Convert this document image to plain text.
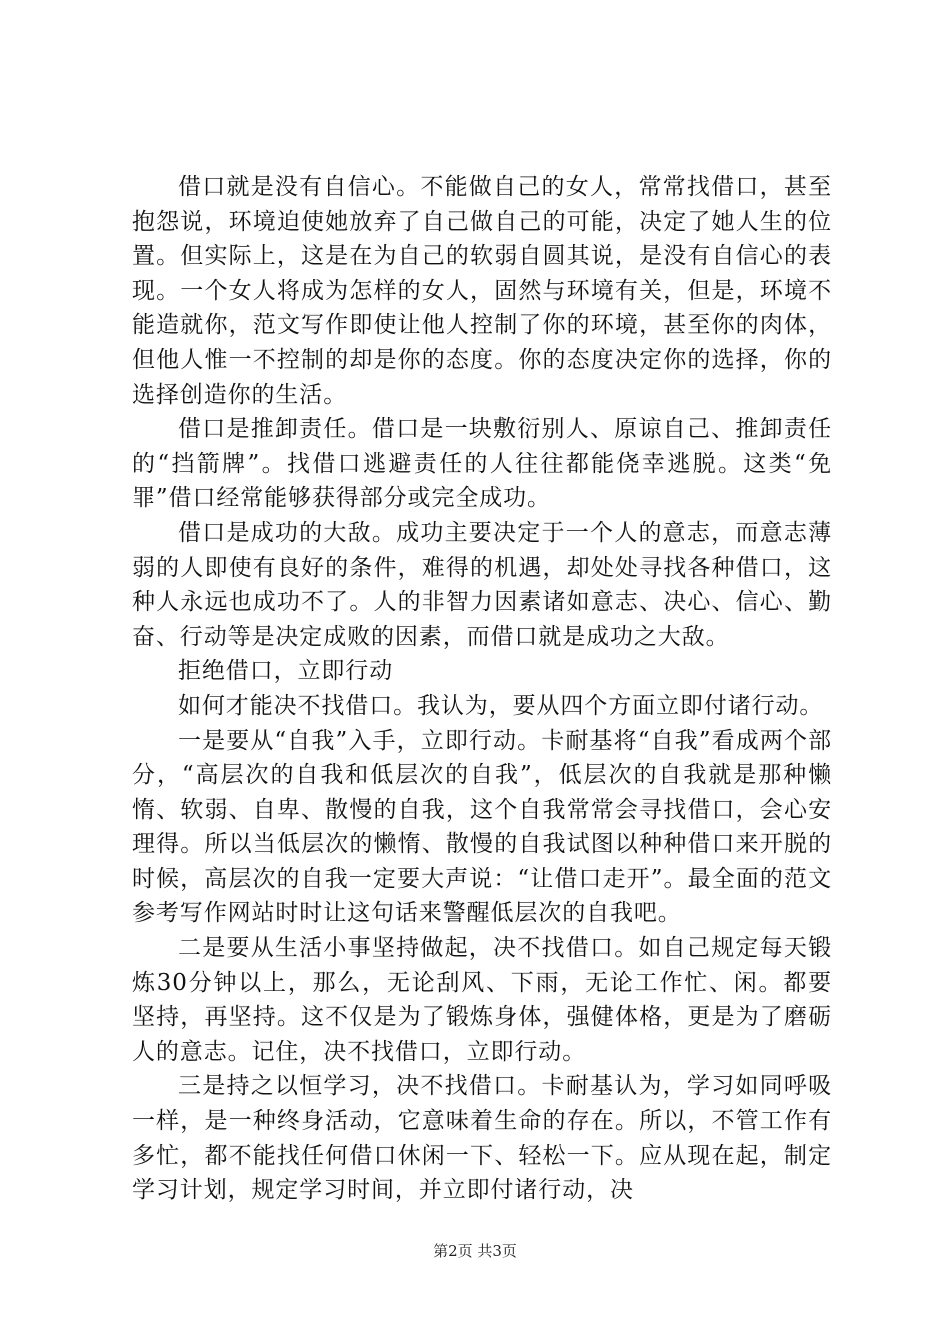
借口就是没有自信心。不能做自己的女人，常常找借口，甚至抱怨说，环境迫使她放弃了自己做自己的可能，决定了她人生的位置。但实际上，这是在为自己的软弱自圆其说，是没有自信心的表现。一个女人将成为怎样的女人，固然与环境有关，但是，环境不能造就你，范文写作即使让他人控制了你的环境，甚至你的肉体，但他人惟一不控制的却是你的态度。你的态度决定你的选择，你的选择创造你的生活。

借口是推卸责任。借口是一块敷衍别人、原谅自己、推卸责任的“挡箭牌”。找借口逃避责任的人往往都能侥幸逃脱。这类“免罪”借口经常能够获得部分或完全成功。

借口是成功的大敌。成功主要决定于一个人的意志，而意志薄弱的人即使有良好的条件，难得的机遇，却处处寻找各种借口，这种人永远也成功不了。人的非智力因素诸如意志、决心、信心、勤奋、行动等是决定成败的因素，而借口就是成功之大敌。

拒绝借口，立即行动

如何才能决不找借口。我认为，要从四个方面立即付诸行动。

一是要从“自我”入手，立即行动。卡耐基将“自我”看成两个部分，“高层次的自我和低层次的自我”，低层次的自我就是那种懒惰、软弱、自卑、散慢的自我，这个自我常常会寻找借口，会心安理得。所以当低层次的懒惰、散慢的自我试图以种种借口来开脱的时候，高层次的自我一定要大声说：“让借口走开”。最全面的范文参考写作网站时时让这句话来警醒低层次的自我吧。

二是要从生活小事坚持做起，决不找借口。如自己规定每天锻炼30分钟以上，那么，无论刮风、下雨，无论工作忙、闲。都要坚持，再坚持。这不仅是为了锻炼身体，强健体格，更是为了磨砺人的意志。记住，决不找借口，立即行动。

三是持之以恒学习，决不找借口。卡耐基认为，学习如同呼吸一样，是一种终身活动，它意味着生命的存在。所以，不管工作有多忙，都不能找任何借口休闲一下、轻松一下。应从现在起，制定学习计划，规定学习时间，并立即付诸行动，决

第2页 共3页
